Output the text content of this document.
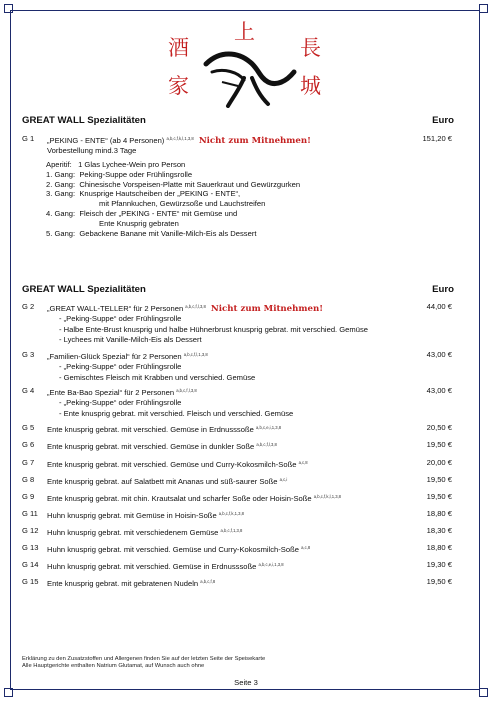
酒
家
上
長
城
GREAT WALL Spezialitäten	Euro
G 1 „PEKING - ENTE“ (ab 4 Personen) $^{a,b,c,f,k,l,1,3,8}$ Nicht zum Mitnehmen!
Vorbestellung mind.3 Tage
151,20 €
Aperitif:   1 Glas Lychee-Wein pro Person
1. Gang:  Peking-Suppe oder Frühlingsrolle
2. Gang:  Chinesische Vorspeisen-Platte mit Sauerkraut und Gewürzgurken
3. Gang:  Knusprige Hautscheiben der „PEKING - ENTE“,
mit Pfannkuchen, Gewürzsoße und Lauchstreifen
4. Gang:  Fleisch der „PEKING - ENTE“ mit Gemüse und
Ente Knusprig gebraten
5. Gang:  Gebackene Banane mit Vanille-Milch-Eis als Dessert
GREAT WALL Spezialitäten	Euro
G 2 „GREAT WALL-TELLER“ für 2 Personen $^{a,b,c,f,l,3,8}$ Nicht zum Mitnehmen!

- „Peking-Suppe“ oder Frühlingsrolle
- Halbe Ente-Brust knusprig und halbe Hühnerbrust knusprig gebrat. mit verschied. Gemüse
- Lychees mit Vanille-Milch-Eis als Dessert
44,00 €
G 3 „Familien-Glück Spezial“ für 2 Personen $^{a,b,c,f,l,1,3,8}$
- „Peking-Suppe“ oder Frühlingsrolle
- Gemischtes Fleisch mit Krabben und verschied. Gemüse
43,00 €
G 4 „Ente Ba-Bao Spezial“ für 2 Personen $^{a,b,c,f,l,3,8}$
- „Peking-Suppe“ oder Frühlingsrolle
- Ente knusprig gebrat. mit verschied. Fleisch und verschied. Gemüse
43,00 €
G 5 Ente knusprig gebrat. mit verschied. Gemüse in Erdnusssoße $^{a,b,c,e,i,1,3,8}$	20,50 €
G 6 Ente knusprig gebrat. mit verschied. Gemüse in dunkler Soße $^{a,b,c,f,l,3,8}$	19,50 €
G 7 Ente knusprig gebrat. mit verschied. Gemüse und Curry-Kokosmilch-Soße $^{a,c,8}$	20,00 €
G 8 Ente knusprig gebrat. auf Salatbett mit Ananas und süß-saurer Soße $^{a,c,i}$	19,50 €
G 9 Ente knusprig gebrat. mit chin. Krautsalat und scharfer Soße oder Hoisin-Soße $^{a,b,c,f,k,l,1,3,8}$	19,50 €
G 11 Huhn knusprig gebrat. mit Gemüse in Hoisin-Soße $^{a,b,c,f,k,1,3,8}$	18,80 €
G 12 Huhn knusprig gebrat. mit verschiedenem Gemüse $^{a,b,c,f,1,3,8}$	18,30 €
G 13 Huhn knusprig gebrat. mit verschied. Gemüse und Curry-Kokosmilch-Soße $^{a,c,8}$	18,80 €
G 14 Huhn knusprig gebrat. mit verschied. Gemüse in Erdnusssoße $^{a,b,c,e,i,1,3,8}$	19,30 €
G 15 Ente knusprig gebrat. mit gebratenen Nudeln $^{a,b,c,f,8}$	19,50 €
Erklärung zu den Zusatzstoffen und Allergenen finden Sie auf der letzten Seite der Speisekarte
Alle Hauptgerichte enthalten Natrium Glutamat, auf Wunsch auch ohne
Seite 3
